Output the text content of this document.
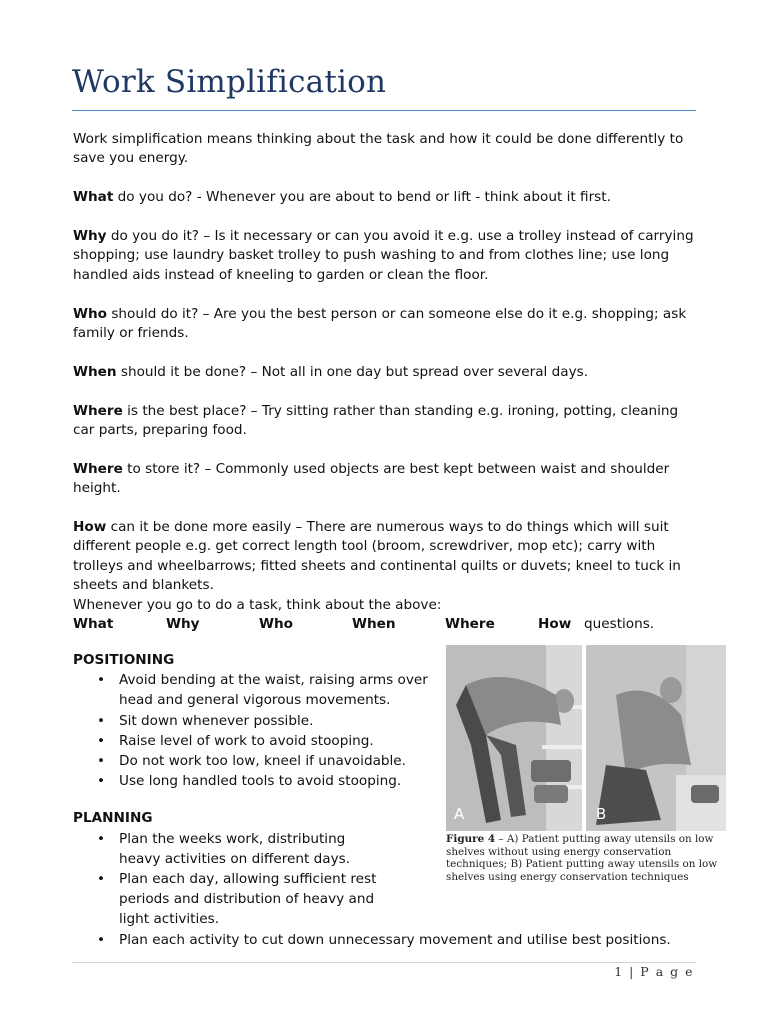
Work Simplification

Work simplification means thinking about the task and how it could be done differently to save you energy.

What do you do? - Whenever you are about to bend or lift - think about it first.

Why do you do it? – Is it necessary or can you avoid it e.g. use a trolley instead of carrying shopping; use laundry basket trolley to push washing to and from clothes line; use long handled aids instead of kneeling to garden or clean the floor.

Who should do it? – Are you the best person or can someone else do it e.g. shopping; ask family or friends.

When should it be done? – Not all in one day but spread over several days.

Where is the best place? – Try sitting rather than standing e.g. ironing, potting, cleaning car parts, preparing food.

Where to store it? – Commonly used objects are best kept between waist and shoulder height.

How can it be done more easily – There are numerous ways to do things which will suit different people e.g. get correct length tool (broom, screwdriver, mop etc); carry with trolleys and wheelbarrows; fitted sheets and continental quilts or duvets; kneel to tuck in sheets and blankets.

Whenever you go to do a task, think about the above:

What	Why	Who	When	Where	How questions.

POSITIONING

• Avoid bending at the waist, raising arms over head and general vigorous movements.
• Sit down whenever possible.
• Raise level of work to avoid stooping.
• Do not work too low, kneel if unavoidable.
• Use long handled tools to avoid stooping.

PLANNING

• Plan the weeks work, distributing heavy activities on different days.
• Plan each day, allowing sufficient rest periods and distribution of heavy and light activities.
• Plan each activity to cut down unnecessary movement and utilise best positions.
A	B
Figure 4 – A) Patient putting away utensils on low shelves without using energy conservation techniques; B) Patient putting away utensils on low shelves using energy conservation techniques
1 | P a g e
